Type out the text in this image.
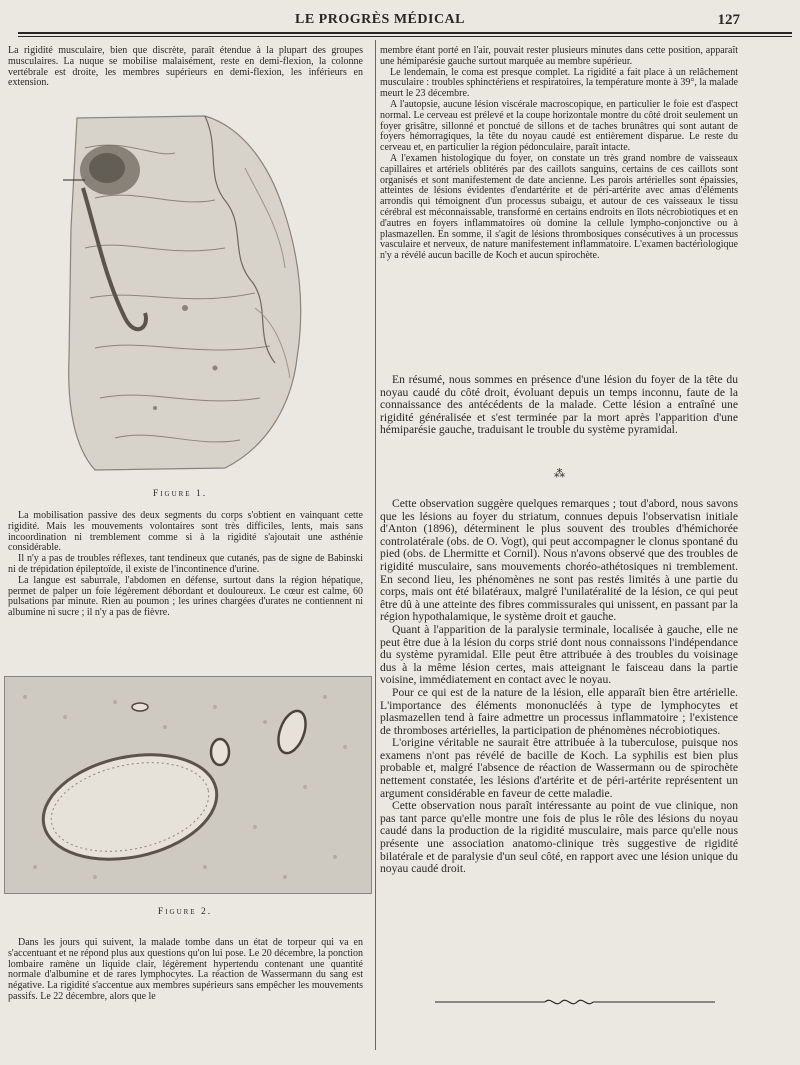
LE PROGRÈS MÉDICAL	127

La rigidité musculaire, bien que discrète, paraît étendue à la plupart des groupes musculaires. La nuque se mobilise malaisément, reste en demi-flexion, la colonne vertébrale est droite, les membres supérieurs en demi-flexion, les inférieurs en extension.

Figure 1.

La mobilisation passive des deux segments du corps s'obtient en vainquant cette rigidité. Mais les mouvements volontaires sont très difficiles, lents, mais sans incoordination ni tremblement comme si à la rigidité s'ajoutait une asthénie considérable.

Il n'y a pas de troubles réflexes, tant tendineux que cutanés, pas de signe de Babinski ni de trépidation épileptoïde, il existe de l'incontinence d'urine.

La langue est saburrale, l'abdomen en défense, surtout dans la région hépatique, permet de palper un foie légèrement débordant et douloureux. Le cœur est calme, 60 pulsations par minute. Rien au poumon ; les urines chargées d'urates ne contiennent ni albumine ni sucre ; il n'y a pas de fièvre.

Figure 2.

Dans les jours qui suivent, la malade tombe dans un état de torpeur qui va en s'accentuant et ne répond plus aux questions qu'on lui pose. Le 20 décembre, la ponction lombaire ramène un liquide clair, légèrement hypertendu contenant une quantité normale d'albumine et de rares lymphocytes. La réaction de Wassermann du sang est négative. La rigidité s'accentue aux membres supérieurs sans empêcher les mouvements passifs. Le 22 décembre, alors que le

membre étant porté en l'air, pouvait rester plusieurs minutes dans cette position, apparaît une hémiparésie gauche surtout marquée au membre supérieur.

Le lendemain, le coma est presque complet. La rigidité a fait place à un relâchement musculaire : troubles sphinctériens et respiratoires, la température monte à 39°, la malade meurt le 23 décembre.

A l'autopsie, aucune lésion viscérale macroscopique, en particulier le foie est d'aspect normal. Le cerveau est prélevé et la coupe horizontale montre du côté droit seulement un foyer grisâtre, sillonné et ponctué de sillons et de taches brunâtres qui sont autant de foyers hémorragiques, la tête du noyau caudé est entièrement disparue. Le reste du cerveau et, en particulier la région pédonculaire, paraît intacte.

A l'examen histologique du foyer, on constate un très grand nombre de vaisseaux capillaires et artériels oblitérés par des caillots sanguins, certains de ces caillots sont organisés et sont manifestement de date ancienne. Les parois artérielles sont épaissies, atteintes de lésions évidentes d'endartérite et de péri-artérite avec amas d'éléments arrondis qui témoignent d'un processus subaigu, et autour de ces vaisseaux le tissu cérébral est méconnaissable, transformé en certains endroits en îlots nécrobiotiques et en d'autres en foyers inflammatoires où domine la cellule lympho-conjonctive ou à plasmazellen. En somme, il s'agit de lésions thrombosiques consécutives à un processus vasculaire et nerveux, de nature manifestement inflammatoire. L'examen bactériologique n'y a révélé aucun bacille de Koch et aucun spirochète.

En résumé, nous sommes en présence d'une lésion du foyer de la tête du noyau caudé du côté droit, évoluant depuis un temps inconnu, faute de la connaissance des antécédents de la malade. Cette lésion a entraîné une rigidité généralisée et s'est terminée par la mort après l'apparition d'une hémiparésie gauche, traduisant le trouble du système pyramidal.

⁂

Cette observation suggère quelques remarques ; tout d'abord, nous savons que les lésions au foyer du striatum, connues depuis l'observatisn initiale d'Anton (1896), déterminent le plus souvent des troubles d'hémichorée controlatérale (obs. de O. Vogt), qui peut accompagner le clonus spontané du pied (obs. de Lhermitte et Cornil). Nous n'avons observé que des troubles de rigidité musculaire, sans mouvements choréo-athétosiques ni tremblement. En second lieu, les phénomènes ne sont pas restés limités à une partie du corps, mais ont été bilatéraux, malgré l'unilatéralité de la lésion, ce qui peut être dû à une atteinte des fibres commissurales qui unissent, en passant par la région hypothalamique, le système droit et gauche.

Quant à l'apparition de la paralysie terminale, localisée à gauche, elle ne peut être due à la lésion du corps strié dont nous connaissons l'indépendance du système pyramidal. Elle peut être attribuée à des troubles du voisinage dus à la même lésion certes, mais atteignant le faisceau dans la partie voisine, immédiatement en contact avec le noyau.

Pour ce qui est de la nature de la lésion, elle apparaît bien être artérielle. L'importance des éléments mononucléés à type de lymphocytes et plasmazellen tend à faire admettre un processus inflammatoire ; l'existence de thromboses artérielles, la participation de phénomènes nécrobiotiques.

L'origine véritable ne saurait être attribuée à la tuberculose, puisque nos examens n'ont pas révélé de bacille de Koch. La syphilis est bien plus probable et, malgré l'absence de réaction de Wassermann ou de spirochète nettement constatée, les lésions d'artérite et de péri-artérite représentent un argument considérable en faveur de cette maladie.

Cette observation nous paraît intéressante au point de vue clinique, non pas tant parce qu'elle montre une fois de plus le rôle des lésions du noyau caudé dans la production de la rigidité musculaire, mais parce qu'elle nous présente une association anatomo-clinique très suggestive de rigidité bilatérale et de paralysie d'un seul côté, en rapport avec une lésion unique du noyau caudé droit.
